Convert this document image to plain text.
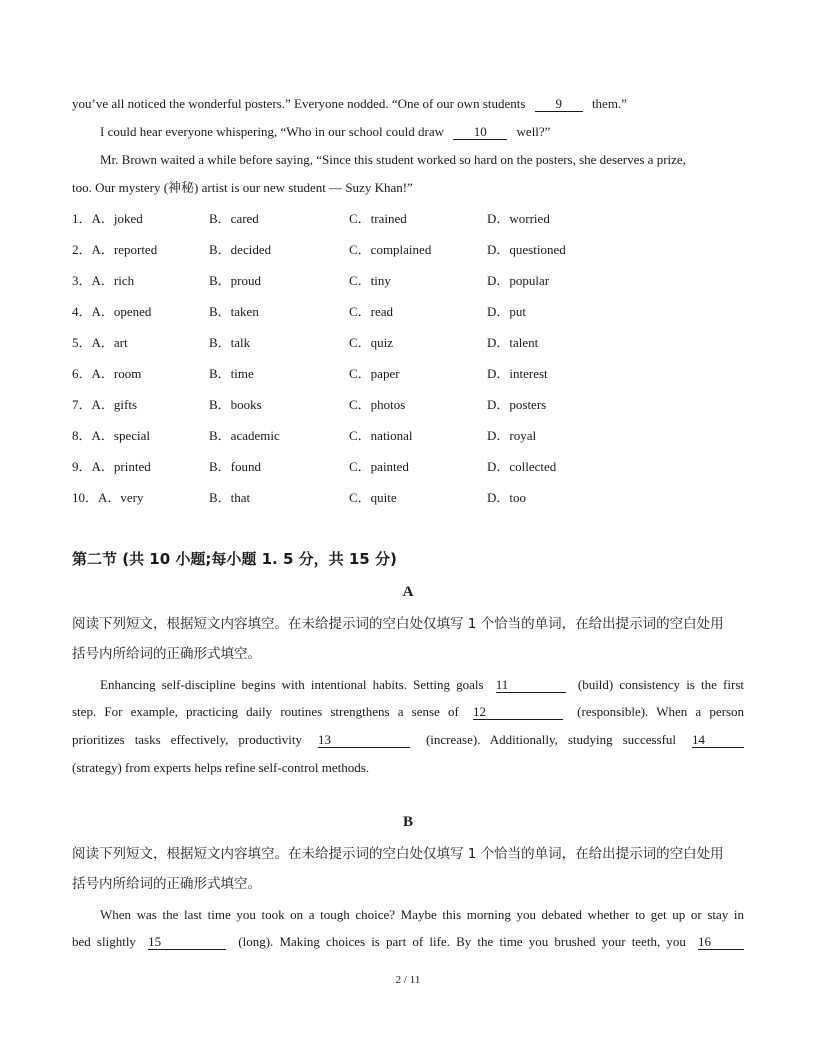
you’ve all noticed the wonderful posters.” Everyone nodded. “One of our own students 9 them.”
I could hear everyone whispering, “Who in our school could draw 10 well?”
Mr. Brown waited a while before saying, “Since this student worked so hard on the posters, she deserves a prize,
too. Our mystery (神秘) artist is our new student — Suzy Khan!”
1．A．joked	B．cared	C．trained	D．worried
2．A．reported	B．decided	C．complained	D．questioned
3．A．rich	B．proud	C．tiny	D．popular
4．A．opened	B．taken	C．read	D．put
5．A．art	B．talk	C．quiz	D．talent
6．A．room	B．time	C．paper	D．interest
7．A．gifts	B．books	C．photos	D．posters
8．A．special	B．academic	C．national	D．royal
9．A．printed	B．found	C．painted	D．collected
10．A．very	B．that	C．quite	D．too
第二节 (共 10 小题;每小题 1. 5 分，共 15 分)
A
阅读下列短文，根据短文内容填空。在未给提示词的空白处仅填写 1 个恰当的单词，在给出提示词的空白处用
括号内所给词的正确形式填空。
Enhancing self-discipline begins with intentional habits. Setting goals 11	(build) consistency is the first
step. For example, practicing daily routines strengthens a sense of 12	(responsible). When a person
prioritizes tasks effectively, productivity 13	(increase). Additionally, studying successful 14
(strategy) from experts helps refine self-control methods.
B
阅读下列短文，根据短文内容填空。在未给提示词的空白处仅填写 1 个恰当的单词，在给出提示词的空白处用
括号内所给词的正确形式填空。
When was the last time you took on a tough choice? Maybe this morning you debated whether to get up or stay in
bed slightly 15	(long). Making choices is part of life. By the time you brushed your teeth, you 16
2 / 11
